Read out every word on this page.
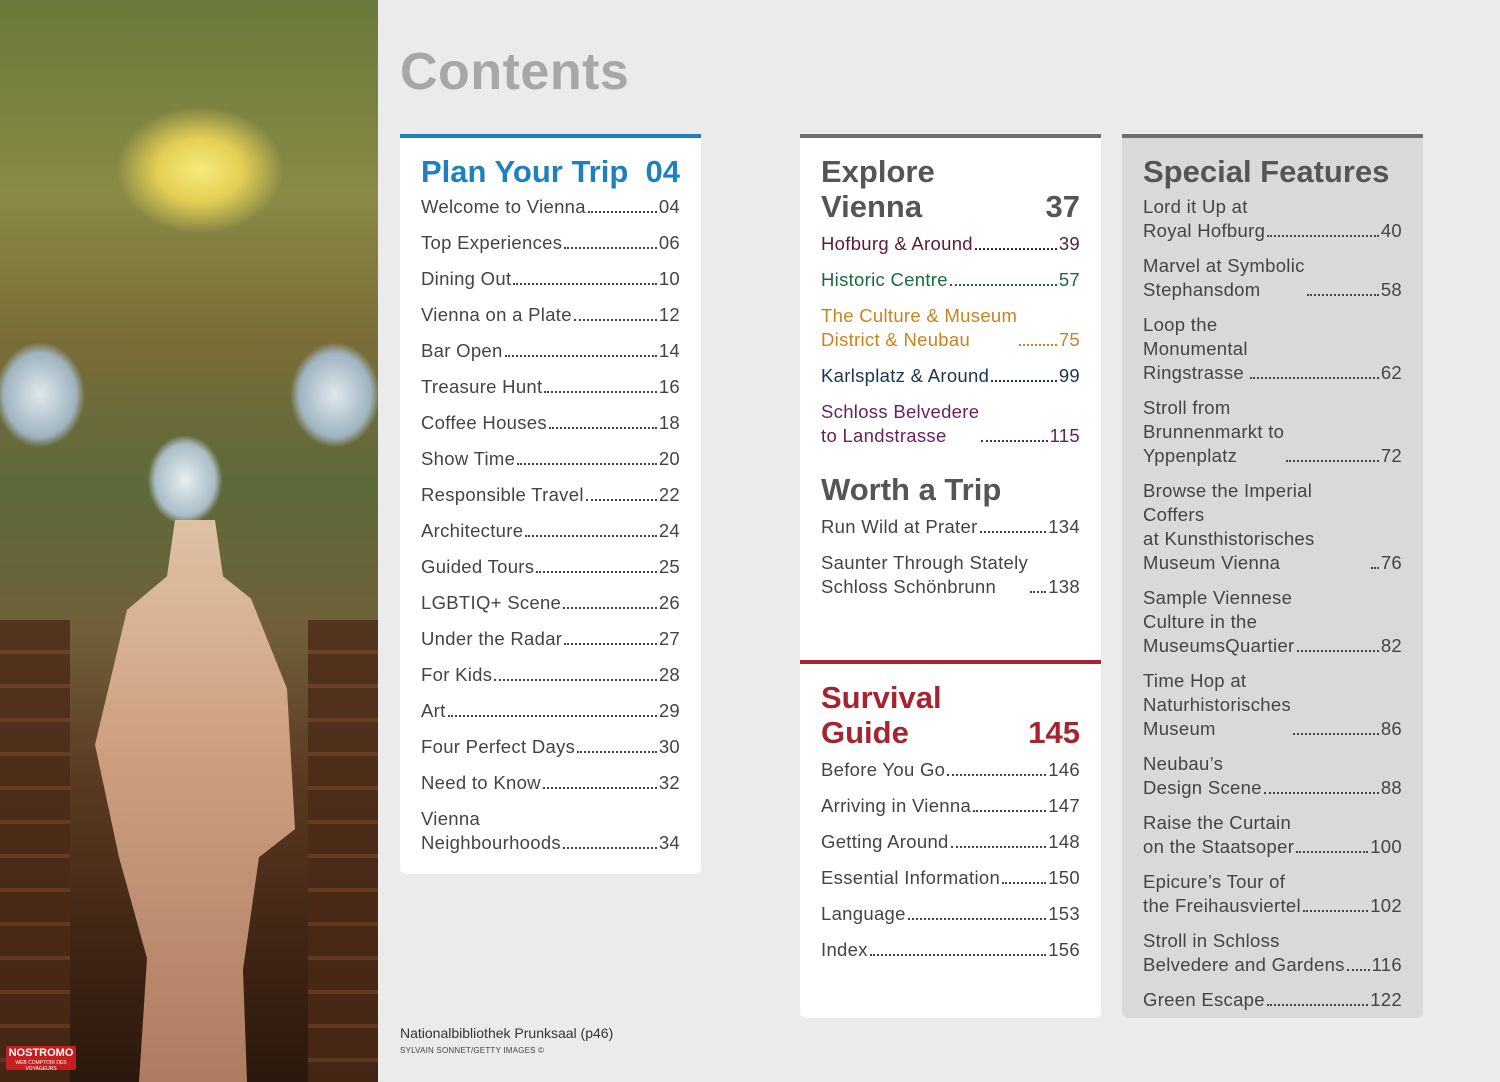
NOSTROMO
WEB COMPTOIR DES VOYAGEURS
Contents
Plan Your Trip 04
Welcome to Vienna	04
Top Experiences	06
Dining Out	10
Vienna on a Plate	12
Bar Open	14
Treasure Hunt	16
Coffee Houses	18
Show Time	20
Responsible Travel	22
Architecture	24
Guided Tours	25
LGBTIQ+ Scene	26
Under the Radar	27
For Kids	28
Art	29
Four Perfect Days	30
Need to Know	32
Vienna
Neighbourhoods	34
Explore
Vienna	37
Hofburg & Around	39
Historic Centre	57
The Culture & Museum
District & Neubau	75
Karlsplatz & Around	99
Schloss Belvedere
to Landstrasse	115
Worth a Trip
Run Wild at Prater	134
Saunter Through Stately
Schloss Schönbrunn	138
Survival
Guide	145
Before You Go	146
Arriving in Vienna	147
Getting Around	148
Essential Information	150
Language	153
Index	156
Special Features
Lord it Up at
Royal Hofburg	40
Marvel at Symbolic
Stephansdom	58
Loop the
Monumental
Ringstrasse	62
Stroll from
Brunnenmarkt to
Yppenplatz	72
Browse the Imperial Coffers
at Kunsthistorisches
Museum Vienna	76
Sample Viennese
Culture in the
MuseumsQuartier	82
Time Hop at
Naturhistorisches
Museum	86
Neubau’s
Design Scene	88
Raise the Curtain
on the Staatsoper	100
Epicure’s Tour of
the Freihausviertel	102
Stroll in Schloss
Belvedere and Gardens 116
Green Escape	122
Nationalbibliothek Prunksaal (p46)
SYLVAIN SONNET/GETTY IMAGES ©
